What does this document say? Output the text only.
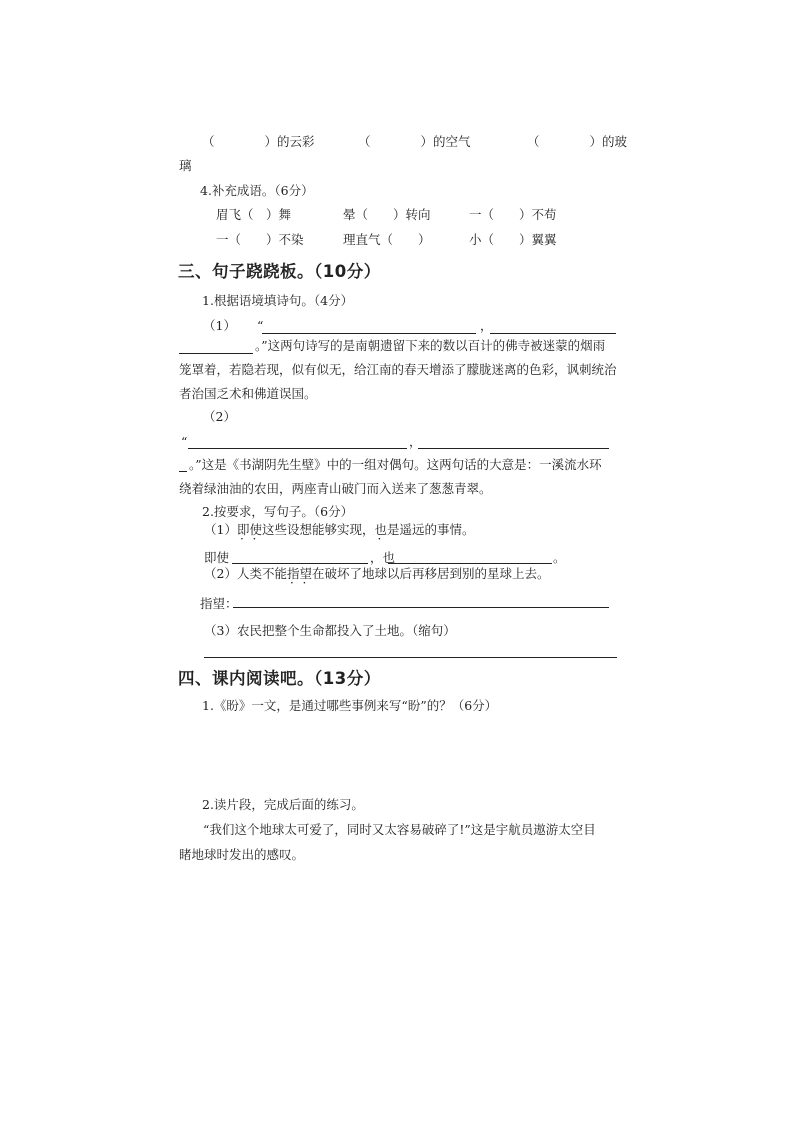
（　　　　）的云彩	（　　　　）的空气	（　　　　）的玻
璃
4.补充成语。（6分）
眉飞（　）舞	晕（　　）转向	一（　　）不苟
一（　　）不染	理直气（　　）	小（　　）翼翼
三、句子跷跷板。（10分）
1.根据语境填诗句。（4分）
（1） “	，
。”这两句诗写的是南朝遗留下来的数以百计的佛寺被迷蒙的烟雨
笼罩着，若隐若现，似有似无，给江南的春天增添了朦胧迷离的色彩，讽刺统治
者治国乏术和佛道误国。
（2）
“	，
。”这是《书湖阴先生壁》中的一组对偶句。这两句话的大意是：一溪流水环
绕着绿油油的农田，两座青山破门而入送来了葱葱青翠。
2.按要求，写句子。（6分）
（1）即使这些设想能够实现，也是遥远的事情。
即使	，也	。
（2）人类不能指望在破坏了地球以后再移居到别的星球上去。
指望：
（3）农民把整个生命都投入了土地。（缩句）
四、课内阅读吧。（13分）
1.《盼》一文，是通过哪些事例来写“盼”的？（6分）
2.读片段，完成后面的练习。
“我们这个地球太可爱了，同时又太容易破碎了!”这是宇航员遨游太空目
睹地球时发出的感叹。
